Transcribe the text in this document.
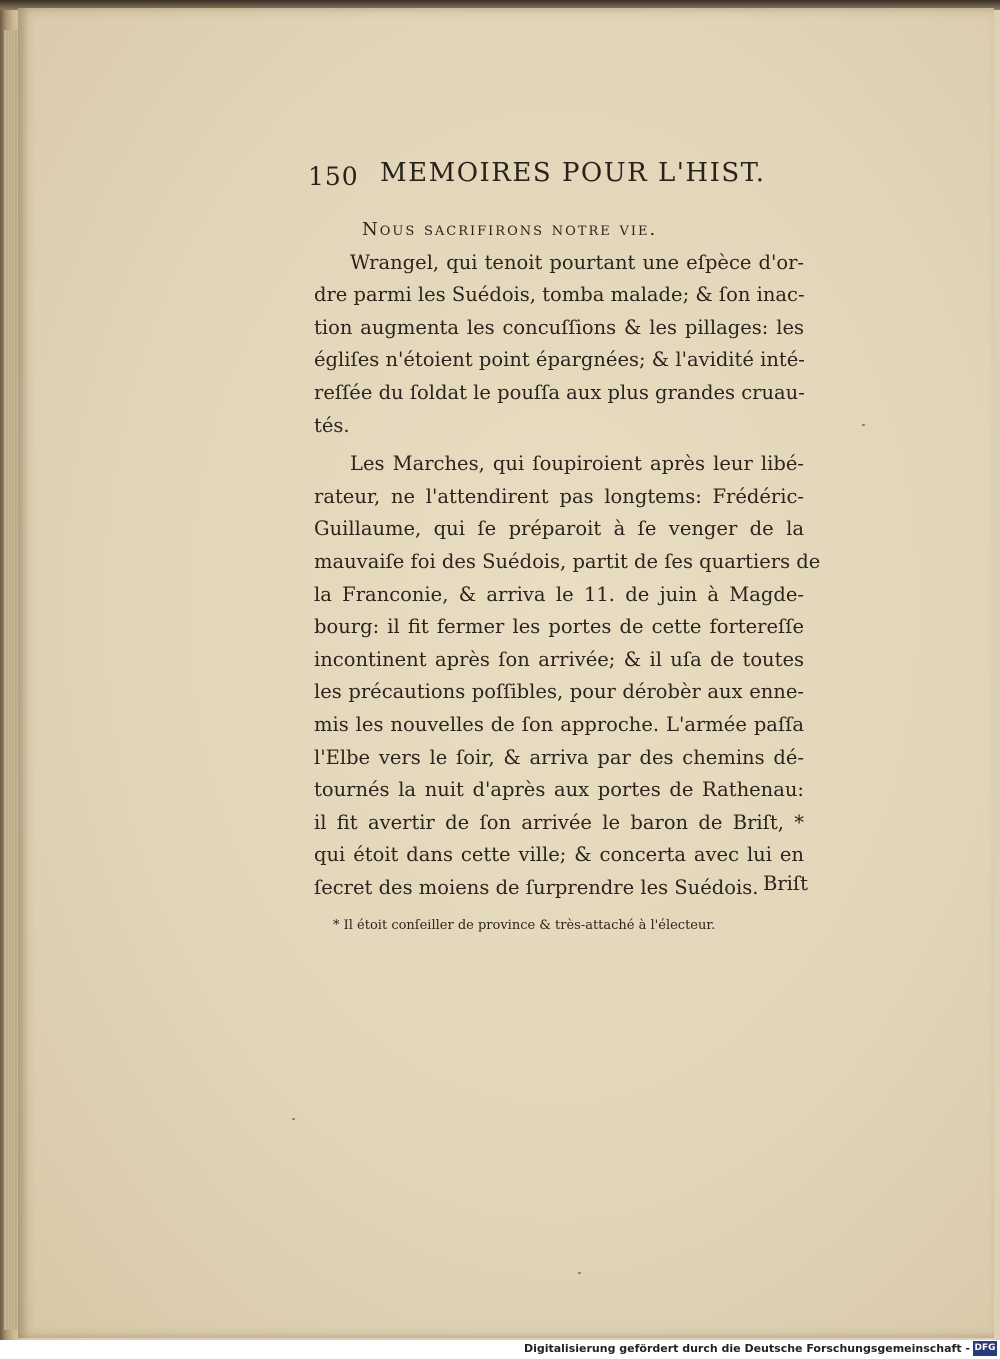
150 MEMOIRES POUR L'HIST.
Nous sacrifirons notre vie.
Wrangel, qui tenoit pourtant une eſpèce d'or-
dre parmi les Suédois, tomba malade; & ſon inac-
tion augmenta les concuſſions & les pillages: les
égliſes n'étoient point épargnées; & l'avidité inté-
reſſée du ſoldat le pouſſa aux plus grandes cruau-
tés.
Les Marches, qui ſoupiroient après leur libé-
rateur, ne l'attendirent pas longtems: Frédéric-
Guillaume, qui ſe préparoit à ſe venger de la
mauvaiſe foi des Suédois, partit de ſes quartiers de
la Franconie, & arriva le 11. de juin à Magde-
bourg: il fit fermer les portes de cette fortereſſe
incontinent après ſon arrivée; & il uſa de toutes
les précautions poſſibles, pour dérobèr aux enne-
mis les nouvelles de ſon approche. L'armée paſſa
l'Elbe vers le ſoir, & arriva par des chemins dé-
tournés la nuit d'après aux portes de Rathenau:
il fit avertir de ſon arrivée le baron de Briſt, *
qui étoit dans cette ville; & concerta avec lui en
ſecret des moiens de ſurprendre les Suédois. Briſt
* Il étoit conſeiller de province & très-attaché à l'électeur.
Digitalisierung gefördert durch die Deutsche Forschungsgemeinschaft - DFG
